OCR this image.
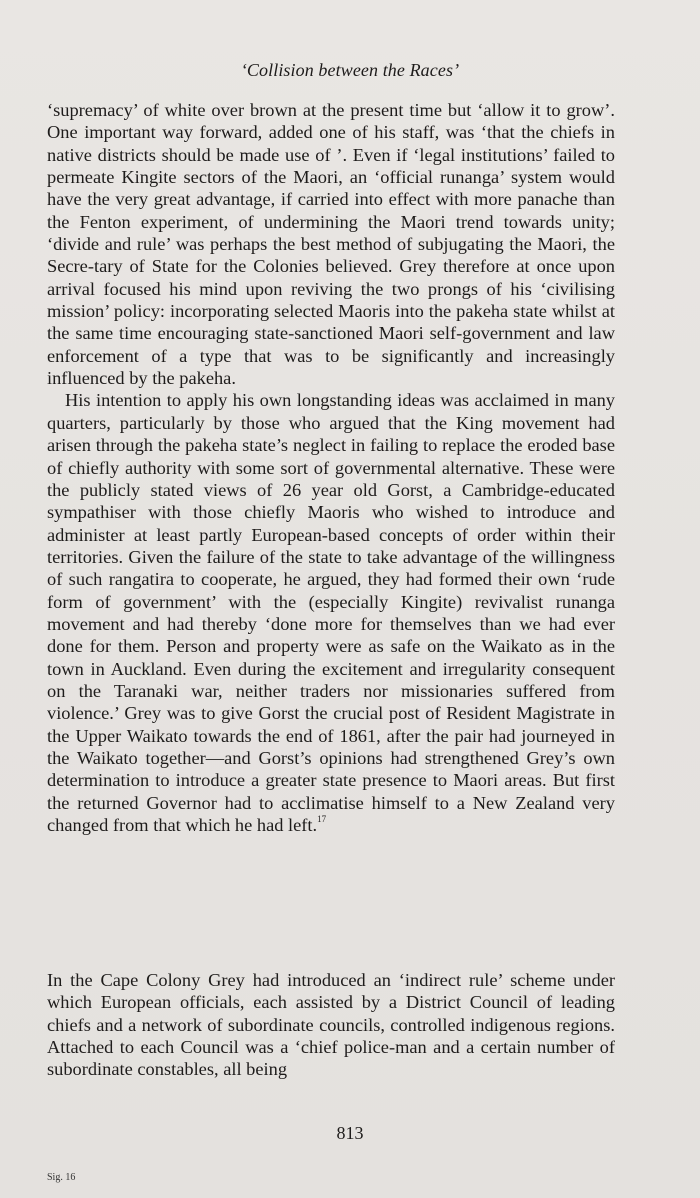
‘Collision between the Races’

‘supremacy’ of white over brown at the present time but ‘allow it to grow’. One important way forward, added one of his staff, was ‘that the chiefs in native districts should be made use of ’. Even if ‘legal institutions’ failed to permeate Kingite sectors of the Maori, an ‘official runanga’ system would have the very great advantage, if carried into effect with more panache than the Fenton experiment, of undermining the Maori trend towards unity; ‘divide and rule’ was perhaps the best method of subjugating the Maori, the Secre-tary of State for the Colonies believed. Grey therefore at once upon arrival focused his mind upon reviving the two prongs of his ‘civilising mission’ policy: incorporating selected Maoris into the pakeha state whilst at the same time encouraging state-sanctioned Maori self-government and law enforcement of a type that was to be significantly and increasingly influenced by the pakeha.

His intention to apply his own longstanding ideas was acclaimed in many quarters, particularly by those who argued that the King movement had arisen through the pakeha state’s neglect in failing to replace the eroded base of chiefly authority with some sort of governmental alternative. These were the publicly stated views of 26 year old Gorst, a Cambridge-educated sympathiser with those chiefly Maoris who wished to introduce and administer at least partly European-based concepts of order within their territories. Given the failure of the state to take advantage of the willingness of such rangatira to cooperate, he argued, they had formed their own ‘rude form of government’ with the (especially Kingite) revivalist runanga movement and had thereby ‘done more for themselves than we had ever done for them. Person and property were as safe on the Waikato as in the town in Auckland. Even during the excitement and irregularity consequent on the Taranaki war, neither traders nor missionaries suffered from violence.’ Grey was to give Gorst the crucial post of Resident Magistrate in the Upper Waikato towards the end of 1861, after the pair had journeyed in the Waikato together—and Gorst’s opinions had strengthened Grey’s own determination to introduce a greater state presence to Maori areas. But first the returned Governor had to acclimatise himself to a New Zealand very changed from that which he had left.$^{17}$

In the Cape Colony Grey had introduced an ‘indirect rule’ scheme under which European officials, each assisted by a District Council of leading chiefs and a network of subordinate councils, controlled indigenous regions. Attached to each Council was a ‘chief police-man and a certain number of subordinate constables, all being

813
Sig. 16
